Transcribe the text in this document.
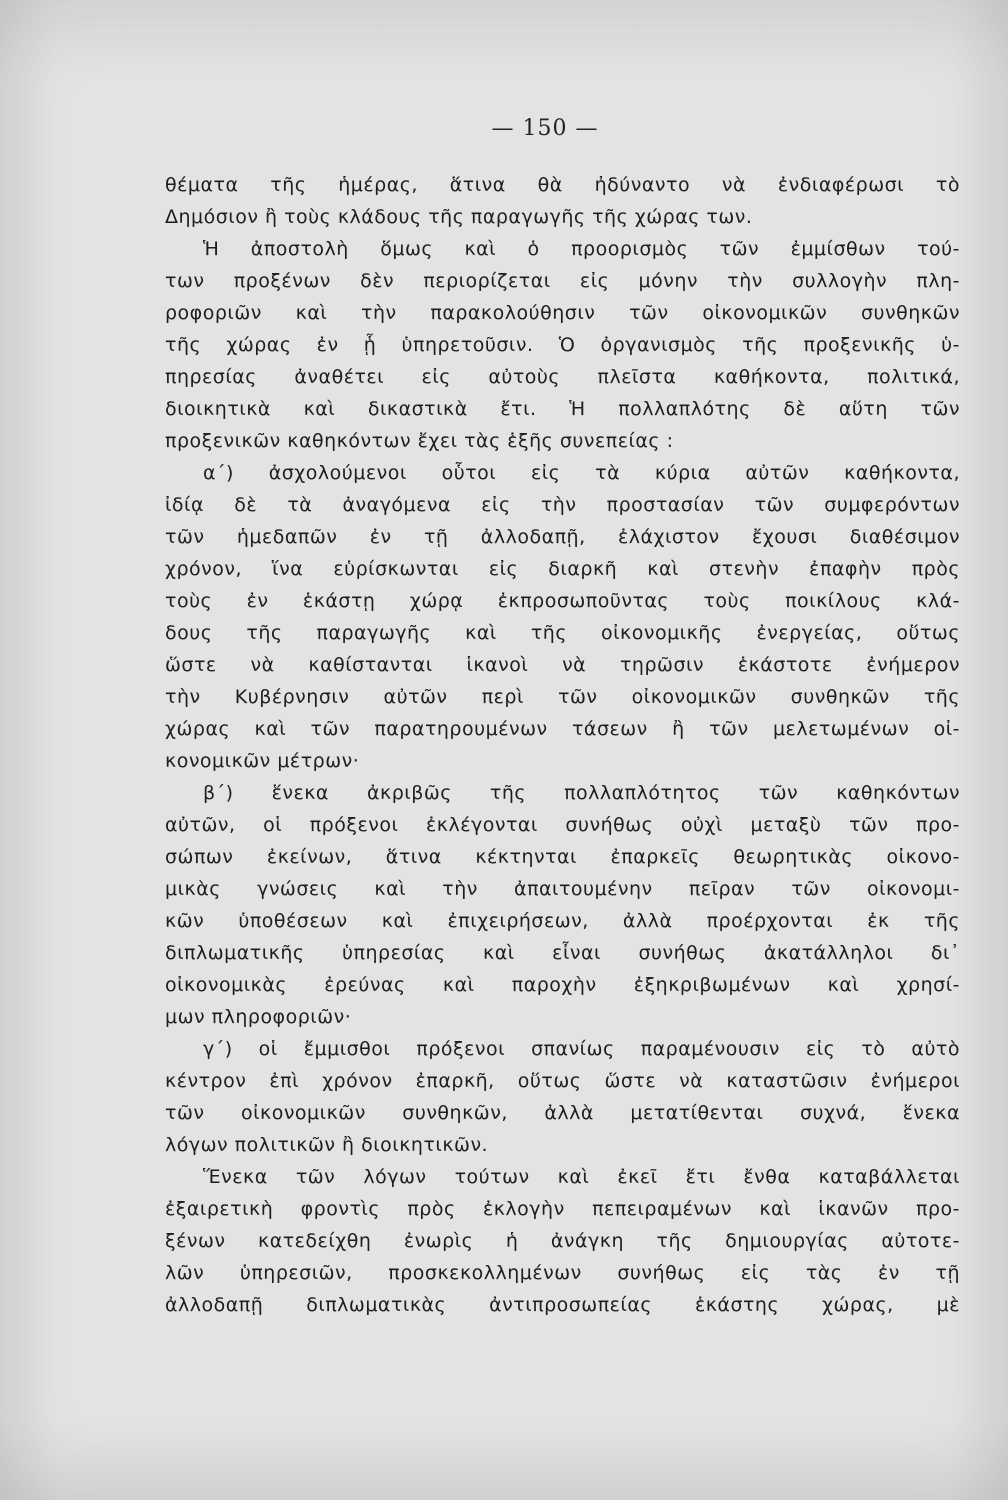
— 150 —
θέματα τῆς ἡμέρας, ἅτινα θὰ ἠδύναντο νὰ ἐνδιαφέρωσι τὸ
Δημόσιον ἢ τοὺς κλάδους τῆς παραγωγῆς τῆς χώρας των.
Ἡ ἀποστολὴ ὅμως καὶ ὁ προορισμὸς τῶν ἐμμίσθων τού-
των προξένων δὲν περιορίζεται εἰς μόνην τὴν συλλογὴν πλη-
ροφοριῶν καὶ τὴν παρακολούθησιν τῶν οἰκονομικῶν συνθηκῶν
τῆς χώρας ἐν ᾗ ὑπηρετοῦσιν. Ὁ ὀργανισμὸς τῆς προξενικῆς ὑ-
πηρεσίας ἀναθέτει εἰς αὐτοὺς πλεῖστα καθήκοντα, πολιτικά,
διοικητικὰ καὶ δικαστικὰ ἔτι. Ἡ πολλαπλότης δὲ αὕτη τῶν
προξενικῶν καθηκόντων ἔχει τὰς ἑξῆς συνεπείας :
α΄) ἀσχολούμενοι οὗτοι εἰς τὰ κύρια αὐτῶν καθήκοντα,
ἰδίᾳ δὲ τὰ ἀναγόμενα εἰς τὴν προστασίαν τῶν συμφερόντων
τῶν ἡμεδαπῶν ἐν τῇ ἀλλοδαπῇ, ἐλάχιστον ἔχουσι διαθέσιμον
χρόνον, ἵνα εὑρίσκωνται εἰς διαρκῆ καὶ στενὴν ἐπαφὴν πρὸς
τοὺς ἐν ἑκάστῃ χώρᾳ ἐκπροσωποῦντας τοὺς ποικίλους κλά-
δους τῆς παραγωγῆς καὶ τῆς οἰκονομικῆς ἐνεργείας, οὕτως
ὥστε νὰ καθίστανται ἱκανοὶ νὰ τηρῶσιν ἑκάστοτε ἐνήμερον
τὴν Κυβέρνησιν αὐτῶν περὶ τῶν οἰκονομικῶν συνθηκῶν τῆς
χώρας καὶ τῶν παρατηρουμένων τάσεων ἢ τῶν μελετωμένων οἰ-
κονομικῶν μέτρων·
β΄) ἕνεκα ἀκριβῶς τῆς πολλαπλότητος τῶν καθηκόντων
αὐτῶν, οἱ πρόξενοι ἐκλέγονται συνήθως οὐχὶ μεταξὺ τῶν προ-
σώπων ἐκείνων, ἅτινα κέκτηνται ἐπαρκεῖς θεωρητικὰς οἰκονο-
μικὰς γνώσεις καὶ τὴν ἀπαιτουμένην πεῖραν τῶν οἰκονομι-
κῶν ὑποθέσεων καὶ ἐπιχειρήσεων, ἀλλὰ προέρχονται ἐκ τῆς
διπλωματικῆς ὑπηρεσίας καὶ εἶναι συνήθως ἀκατάλληλοι δι᾽
οἰκονομικὰς ἐρεύνας καὶ παροχὴν ἐξηκριβωμένων καὶ χρησί-
μων πληροφοριῶν·
γ΄) οἱ ἔμμισθοι πρόξενοι σπανίως παραμένουσιν εἰς τὸ αὐτὸ
κέντρον ἐπὶ χρόνον ἐπαρκῆ, οὕτως ὥστε νὰ καταστῶσιν ἐνήμεροι
τῶν οἰκονομικῶν συνθηκῶν, ἀλλὰ μετατίθενται συχνά, ἕνεκα
λόγων πολιτικῶν ἢ διοικητικῶν.
Ἕνεκα τῶν λόγων τούτων καὶ ἐκεῖ ἔτι ἔνθα καταβάλλεται
ἐξαιρετικὴ φροντὶς πρὸς ἐκλογὴν πεπειραμένων καὶ ἱκανῶν προ-
ξένων κατεδείχθη ἐνωρὶς ἡ ἀνάγκη τῆς δημιουργίας αὐτοτε-
λῶν ὑπηρεσιῶν, προσκεκολλημένων συνήθως εἰς τὰς ἐν τῇ
ἀλλοδαπῇ διπλωματικὰς ἀντιπροσωπείας ἑκάστης χώρας, μὲ
